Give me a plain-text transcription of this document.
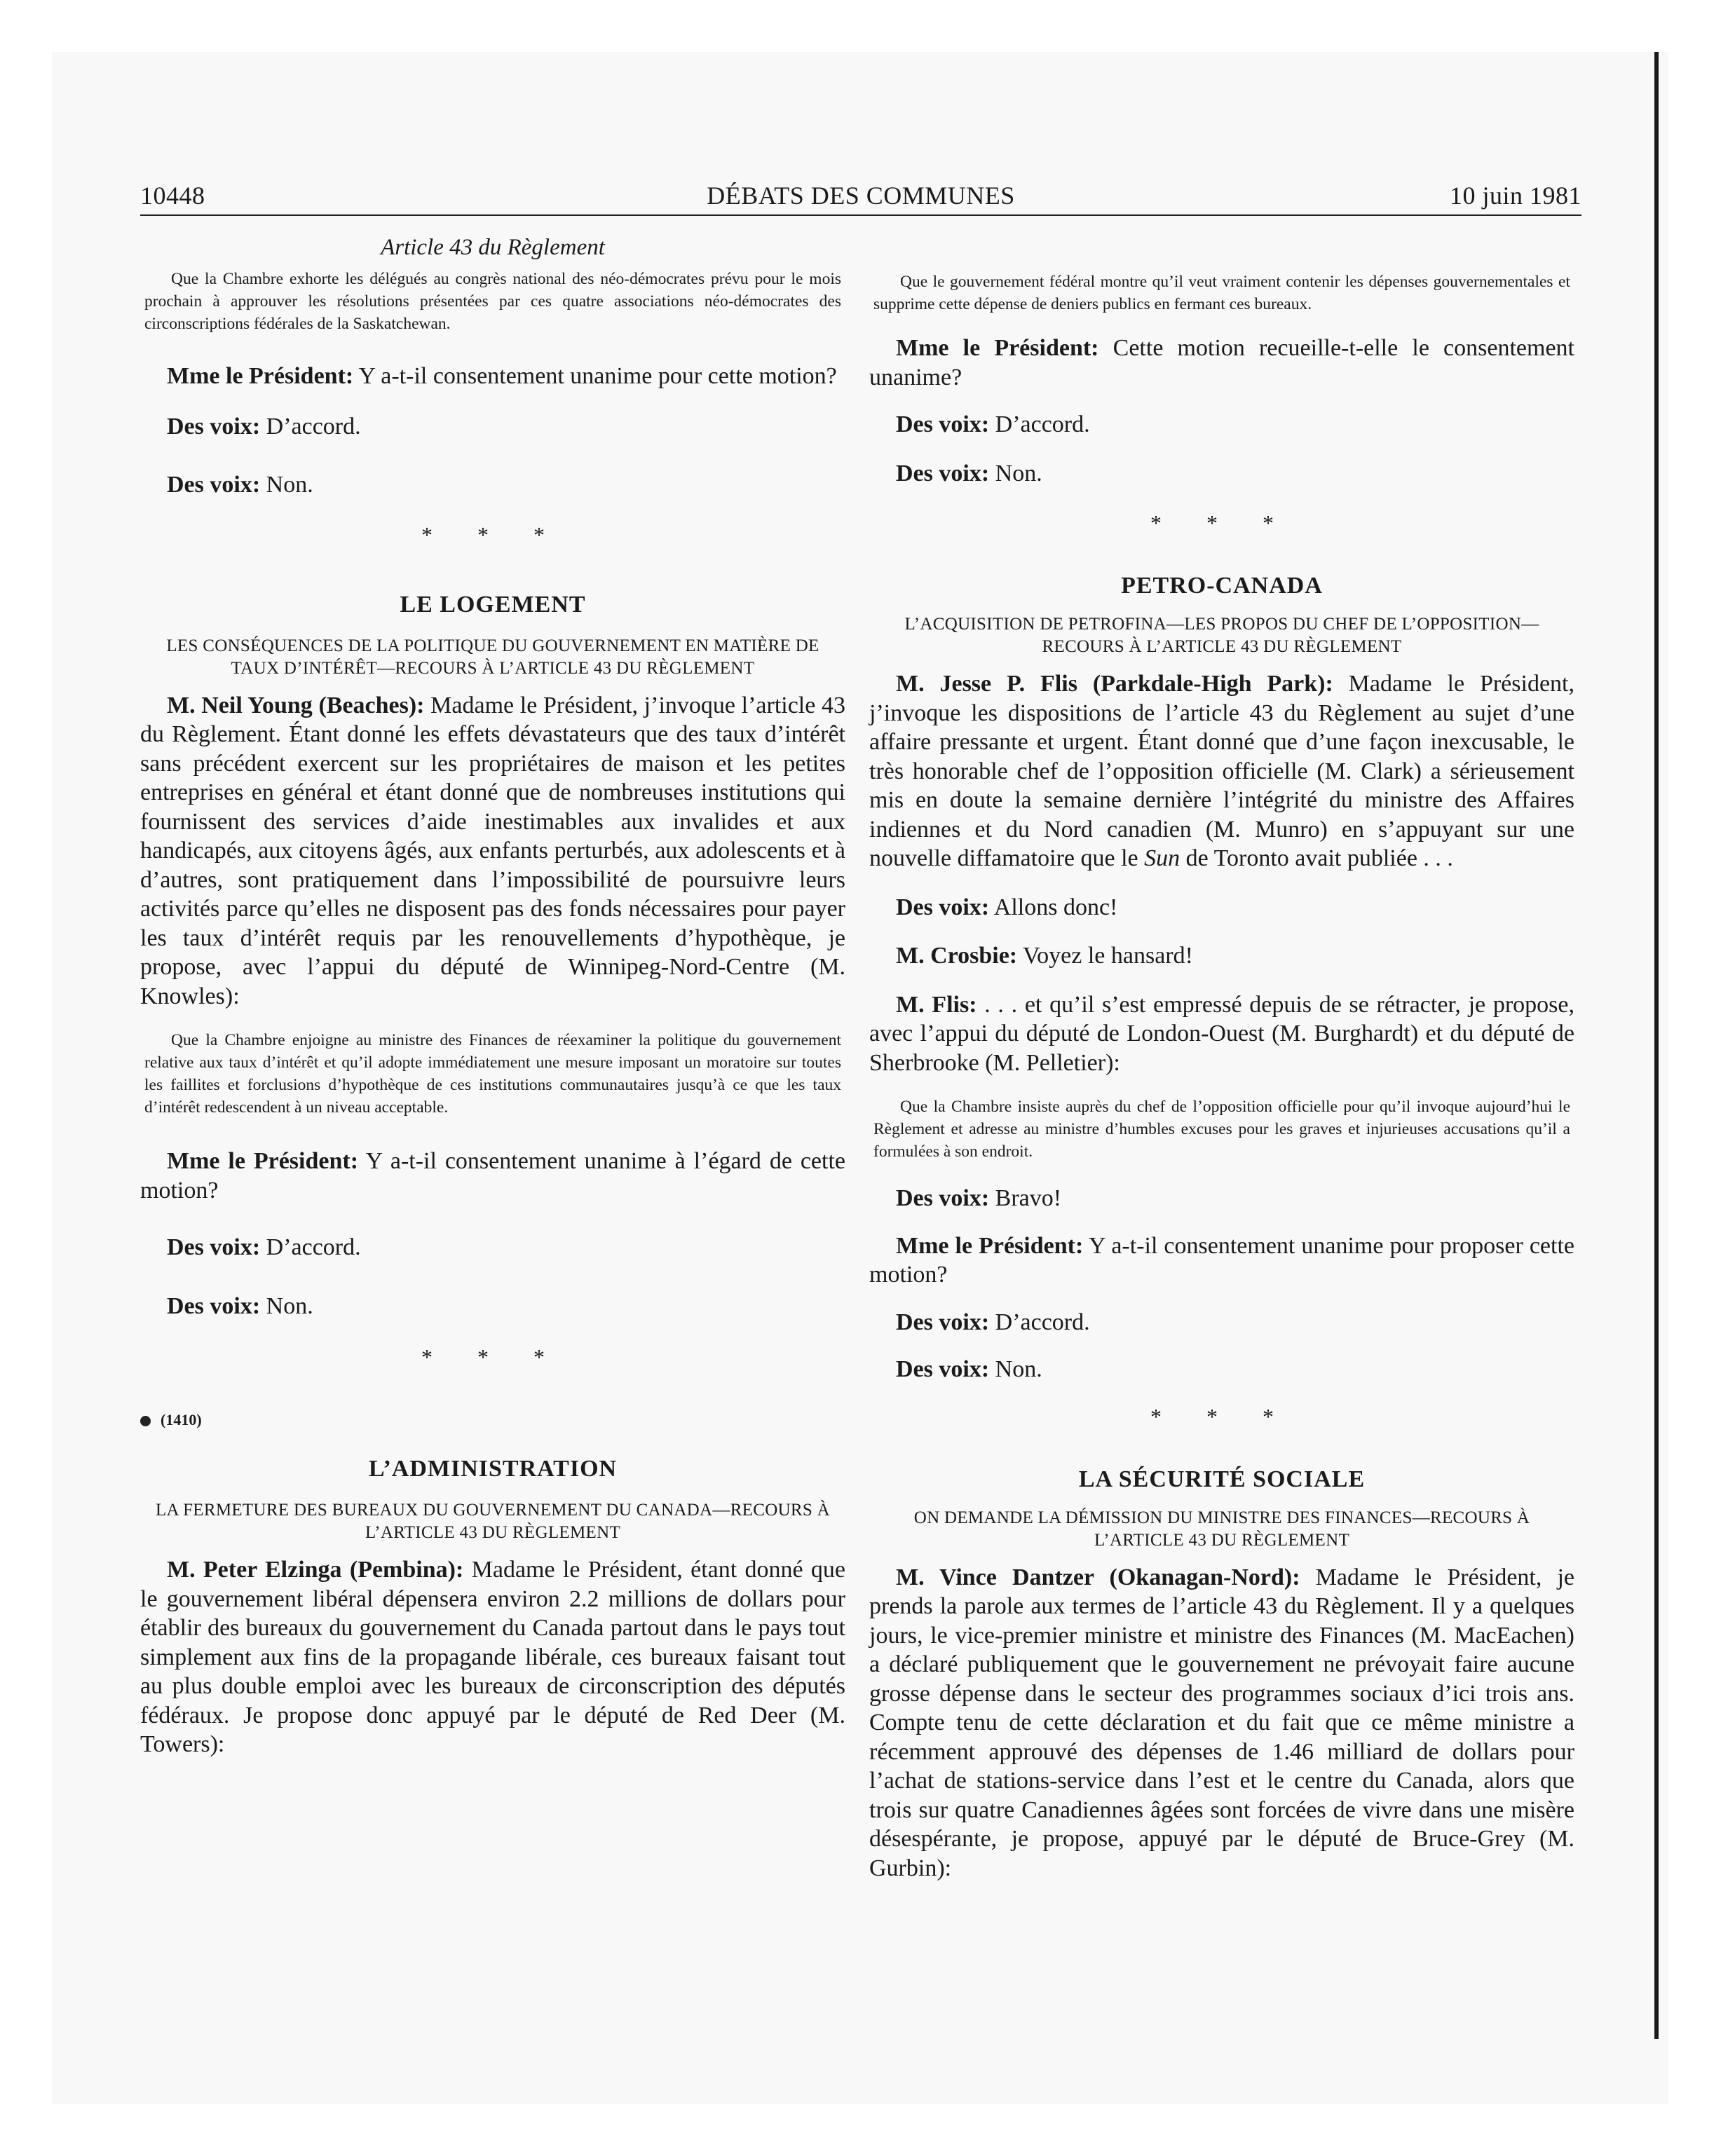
10448	DÉBATS DES COMMUNES	10 juin 1981
Article 43 du Règlement

Que la Chambre exhorte les délégués au congrès national des néo-démocrates prévu pour le mois prochain à approuver les résolutions présentées par ces quatre associations néo-démocrates des circonscriptions fédérales de la Saskatchewan.

Mme le Président: Y a-t-il consentement unanime pour cette motion?

Des voix: D’accord.

Des voix: Non.

* * *
LE LOGEMENT
LES CONSÉQUENCES DE LA POLITIQUE DU GOUVERNEMENT EN MATIÈRE DE TAUX D’INTÉRÊT—RECOURS À L’ARTICLE 43 DU RÈGLEMENT

M. Neil Young (Beaches): Madame le Président, j’invoque l’article 43 du Règlement. Étant donné les effets dévastateurs que des taux d’intérêt sans précédent exercent sur les propriétaires de maison et les petites entreprises en général et étant donné que de nombreuses institutions qui fournissent des services d’aide inestimables aux invalides et aux handicapés, aux citoyens âgés, aux enfants perturbés, aux adolescents et à d’autres, sont pratiquement dans l’impossibilité de poursuivre leurs activités parce qu’elles ne disposent pas des fonds nécessaires pour payer les taux d’intérêt requis par les renouvellements d’hypothèque, je propose, avec l’appui du député de Winnipeg-Nord-Centre (M. Knowles):

Que la Chambre enjoigne au ministre des Finances de réexaminer la politique du gouvernement relative aux taux d’intérêt et qu’il adopte immédiatement une mesure imposant un moratoire sur toutes les faillites et forclusions d’hypothèque de ces institutions communautaires jusqu’à ce que les taux d’intérêt redescendent à un niveau acceptable.

Mme le Président: Y a-t-il consentement unanime à l’égard de cette motion?

Des voix: D’accord.

Des voix: Non.

* * *
(1410)
L’ADMINISTRATION
LA FERMETURE DES BUREAUX DU GOUVERNEMENT DU CANADA—RECOURS À L’ARTICLE 43 DU RÈGLEMENT

M. Peter Elzinga (Pembina): Madame le Président, étant donné que le gouvernement libéral dépensera environ 2.2 millions de dollars pour établir des bureaux du gouvernement du Canada partout dans le pays tout simplement aux fins de la propagande libérale, ces bureaux faisant tout au plus double emploi avec les bureaux de circonscription des députés fédéraux. Je propose donc appuyé par le député de Red Deer (M. Towers):

Que le gouvernement fédéral montre qu’il veut vraiment contenir les dépenses gouvernementales et supprime cette dépense de deniers publics en fermant ces bureaux.

Mme le Président: Cette motion recueille-t-elle le consentement unanime?

Des voix: D’accord.

Des voix: Non.

* * *
PETRO-CANADA
L’ACQUISITION DE PETROFINA—LES PROPOS DU CHEF DE L’OPPOSITION—RECOURS À L’ARTICLE 43 DU RÈGLEMENT

M. Jesse P. Flis (Parkdale-High Park): Madame le Président, j’invoque les dispositions de l’article 43 du Règlement au sujet d’une affaire pressante et urgent. Étant donné que d’une façon inexcusable, le très honorable chef de l’opposition officielle (M. Clark) a sérieusement mis en doute la semaine dernière l’intégrité du ministre des Affaires indiennes et du Nord canadien (M. Munro) en s’appuyant sur une nouvelle diffamatoire que le Sun de Toronto avait publiée . . .

Des voix: Allons donc!

M. Crosbie: Voyez le hansard!

M. Flis: . . . et qu’il s’est empressé depuis de se rétracter, je propose, avec l’appui du député de London-Ouest (M. Burghardt) et du député de Sherbrooke (M. Pelletier):

Que la Chambre insiste auprès du chef de l’opposition officielle pour qu’il invoque aujourd’hui le Règlement et adresse au ministre d’humbles excuses pour les graves et injurieuses accusations qu’il a formulées à son endroit.

Des voix: Bravo!

Mme le Président: Y a-t-il consentement unanime pour proposer cette motion?

Des voix: D’accord.

Des voix: Non.

* * *
LA SÉCURITÉ SOCIALE
ON DEMANDE LA DÉMISSION DU MINISTRE DES FINANCES—RECOURS À L’ARTICLE 43 DU RÈGLEMENT

M. Vince Dantzer (Okanagan-Nord): Madame le Président, je prends la parole aux termes de l’article 43 du Règlement. Il y a quelques jours, le vice-premier ministre et ministre des Finances (M. MacEachen) a déclaré publiquement que le gouvernement ne prévoyait faire aucune grosse dépense dans le secteur des programmes sociaux d’ici trois ans. Compte tenu de cette déclaration et du fait que ce même ministre a récemment approuvé des dépenses de 1.46 milliard de dollars pour l’achat de stations-service dans l’est et le centre du Canada, alors que trois sur quatre Canadiennes âgées sont forcées de vivre dans une misère désespérante, je propose, appuyé par le député de Bruce-Grey (M. Gurbin):
